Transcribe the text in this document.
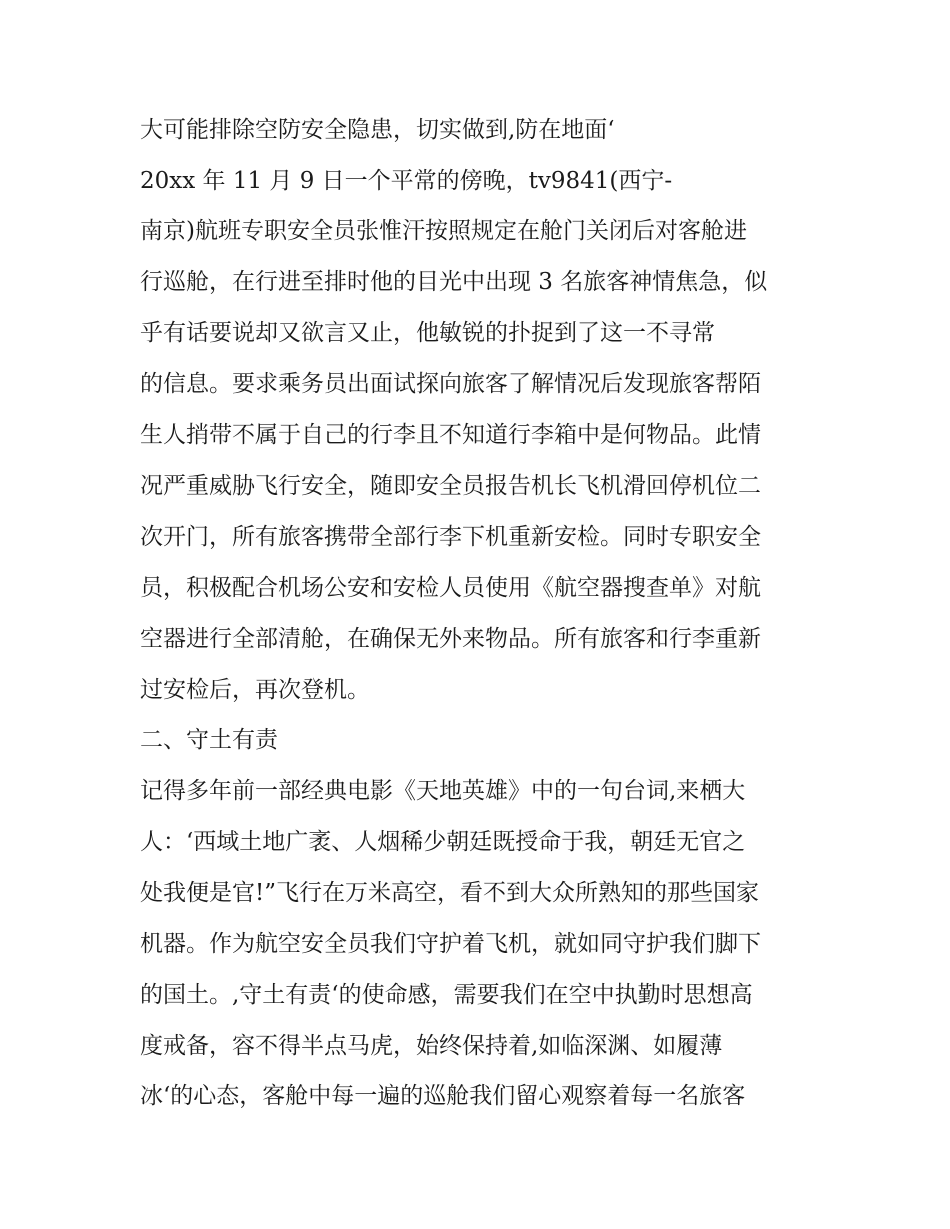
大可能排除空防安全隐患，切实做到,防在地面‘
20xx 年 11 月 9 日一个平常的傍晚，tv9841(西宁-
南京)航班专职安全员张惟汗按照规定在舱门关闭后对客舱进
行巡舱，在行进至排时他的目光中出现 3 名旅客神情焦急，似
乎有话要说却又欲言又止，他敏锐的扑捉到了这一不寻常
的信息。要求乘务员出面试探向旅客了解情况后发现旅客帮陌
生人捎带不属于自己的行李且不知道行李箱中是何物品。此情
况严重威胁飞行安全，随即安全员报告机长飞机滑回停机位二
次开门，所有旅客携带全部行李下机重新安检。同时专职安全
员，积极配合机场公安和安检人员使用《航空器搜查单》对航
空器进行全部清舱，在确保无外来物品。所有旅客和行李重新
过安检后，再次登机。
二、守土有责
记得多年前一部经典电影《天地英雄》中的一句台词,来栖大
人：‘西域土地广袤、人烟稀少朝廷既授命于我，朝廷无官之
处我便是官!”飞行在万米高空，看不到大众所熟知的那些国家
机器。作为航空安全员我们守护着飞机，就如同守护我们脚下
的国土。,守土有责‘的使命感，需要我们在空中执勤时思想高
度戒备，容不得半点马虎，始终保持着,如临深渊、如履薄
冰‘的心态，客舱中每一遍的巡舱我们留心观察着每一名旅客
